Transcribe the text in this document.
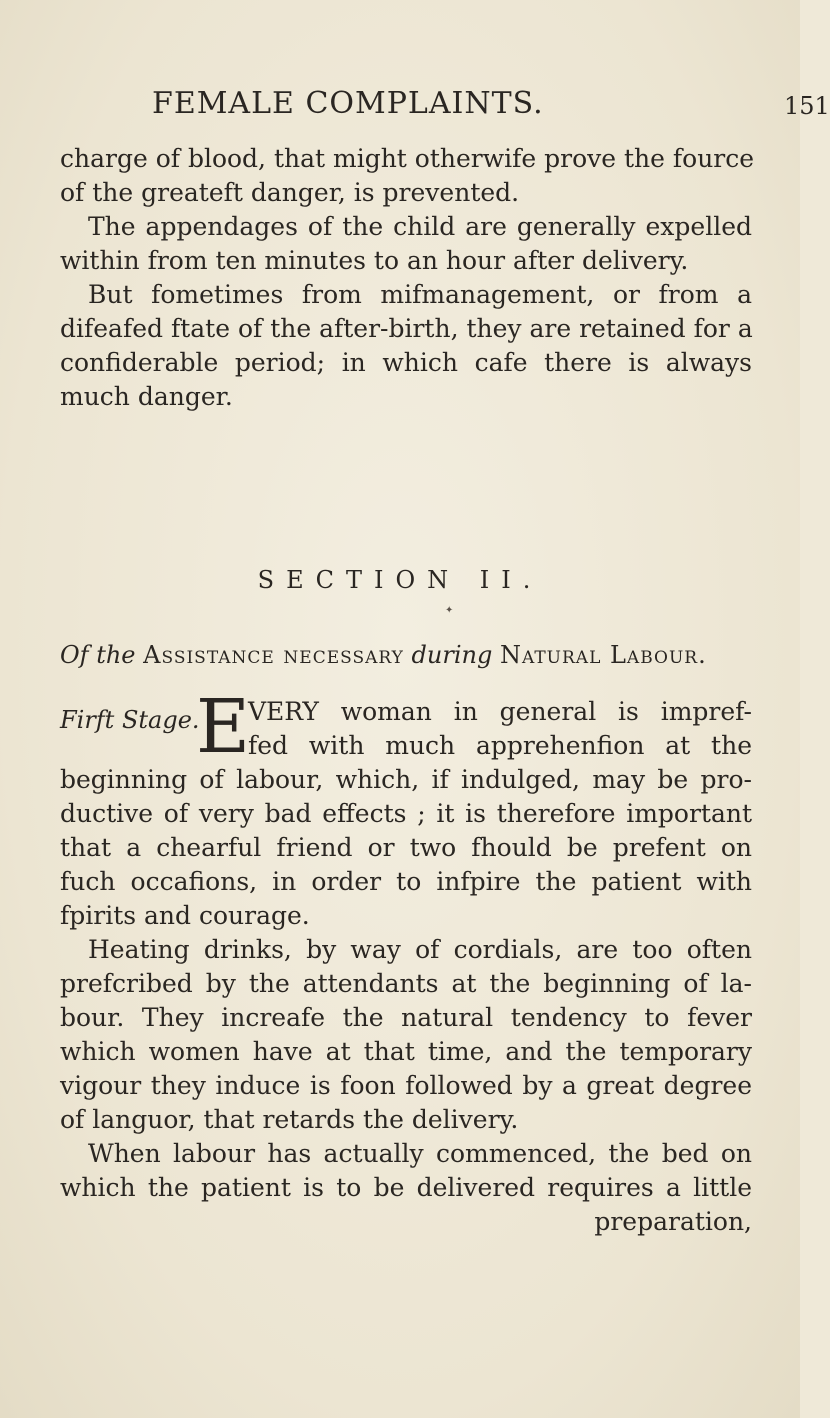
FEMALE COMPLAINTS.	151
charge of blood, that might otherwife prove the fource
of the greateft danger, is prevented.
The appendages of the child are generally expelled
within from ten minutes to an hour after delivery.
But fometimes from mifmanagement, or from a
difeafed ftate of the after-birth, they are retained for a
confiderable period; in which cafe there is always
much danger.
SECTION II.
✦
Of the Assistance necessary during Natural Labour.
Firft Stage.
E
VERY woman in general is impref-
fed with much apprehenfion at the
beginning of labour, which, if indulged, may be pro-
ductive of very bad effects ; it is therefore important
that a chearful friend or two fhould be prefent on
fuch occafions, in order to infpire the patient with
fpirits and courage.
Heating drinks, by way of cordials, are too often
prefcribed by the attendants at the beginning of la-
bour. They increafe the natural tendency to fever
which women have at that time, and the temporary
vigour they induce is foon followed by a great degree
of languor, that retards the delivery.
When labour has actually commenced, the bed on
which the patient is to be delivered requires a little
preparation,
